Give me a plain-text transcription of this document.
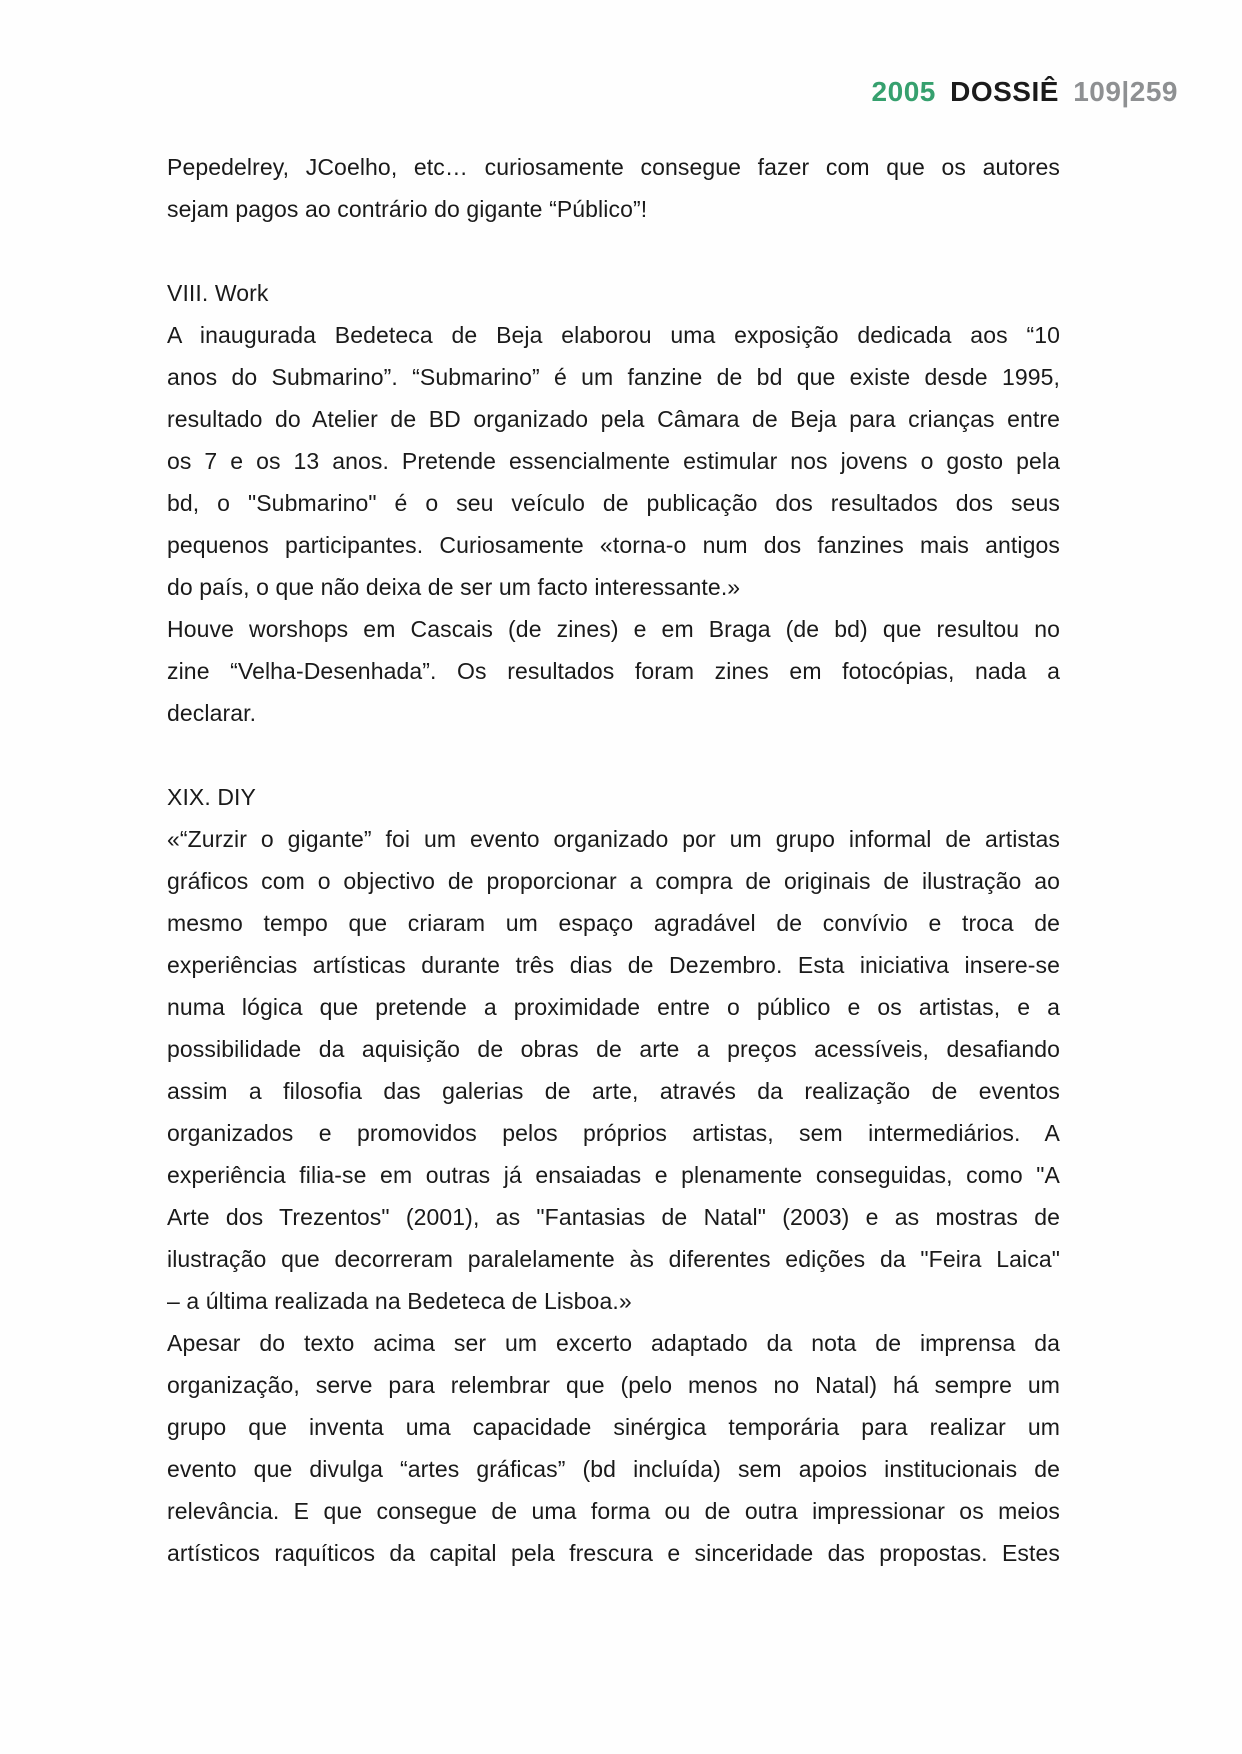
2005 DOSSIÊ 109|259
Pepedelrey, JCoelho, etc… curiosamente consegue fazer com que os autores
sejam pagos ao contrário do gigante “Público”!
VIII. Work
A inaugurada Bedeteca de Beja elaborou uma exposição dedicada aos “10
anos do Submarino”. “Submarino” é um fanzine de bd que existe desde 1995,
resultado do Atelier de BD organizado pela Câmara de Beja para crianças entre
os 7 e os 13 anos. Pretende essencialmente estimular nos jovens o gosto pela
bd, o "Submarino" é o seu veículo de publicação dos resultados dos seus
pequenos participantes. Curiosamente «torna-o num dos fanzines mais antigos
do país, o que não deixa de ser um facto interessante.»
Houve worshops em Cascais (de zines) e em Braga (de bd) que resultou no
zine “Velha-Desenhada”. Os resultados foram zines em fotocópias, nada a
declarar.
XIX. DIY
«“Zurzir o gigante” foi um evento organizado por um grupo informal de artistas
gráficos com o objectivo de proporcionar a compra de originais de ilustração ao
mesmo tempo que criaram um espaço agradável de convívio e troca de
experiências artísticas durante três dias de Dezembro. Esta iniciativa insere-se
numa lógica que pretende a proximidade entre o público e os artistas, e a
possibilidade da aquisição de obras de arte a preços acessíveis, desafiando
assim a filosofia das galerias de arte, através da realização de eventos
organizados e promovidos pelos próprios artistas, sem intermediários. A
experiência filia-se em outras já ensaiadas e plenamente conseguidas, como "A
Arte dos Trezentos" (2001), as "Fantasias de Natal" (2003) e as mostras de
ilustração que decorreram paralelamente às diferentes edições da "Feira Laica"
– a última realizada na Bedeteca de Lisboa.»
Apesar do texto acima ser um excerto adaptado da nota de imprensa da
organização, serve para relembrar que (pelo menos no Natal) há sempre um
grupo que inventa uma capacidade sinérgica temporária para realizar um
evento que divulga “artes gráficas” (bd incluída) sem apoios institucionais de
relevância. E que consegue de uma forma ou de outra impressionar os meios
artísticos raquíticos da capital pela frescura e sinceridade das propostas. Estes
